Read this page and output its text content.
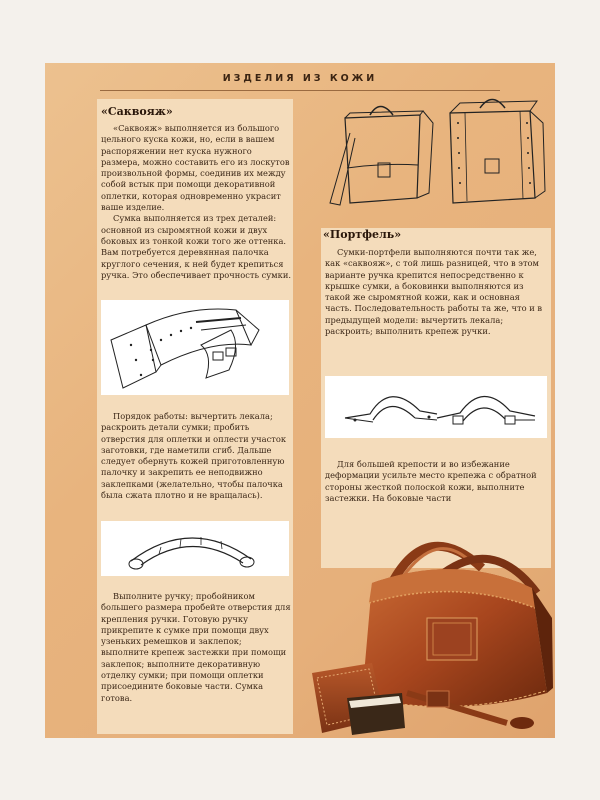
ИЗДЕЛИЯ ИЗ КОЖИ
«Саквояж»

«Саквояж» выполняется из большого цельного куска кожи, но, если в вашем распоряжении нет куска нужного размера, можно составить его из лоскутов произвольной формы, соединив их между собой встык при помощи декоративной оплетки, которая одновременно украсит ваше изделие.

Сумка выполняется из трех деталей: основной из сыромятной кожи и двух боковых из тонкой кожи того же оттенка. Вам потребуется деревянная палочка круглого сечения, к ней будет крепиться ручка. Это обеспечивает прочность сумки.

Порядок работы: вычертить лекала; раскроить детали сумки; пробить отверстия для оплетки и оплести участок заготовки, где наметили сгиб. Дальше следует обернуть кожей приготовленную палочку и закрепить ее неподвижно заклепками (желательно, чтобы палочка была сжата плотно и не вращалась).

Выполните ручку; пробойником большего размера пробейте отверстия для крепления ручки. Готовую ручку прикрепите к сумке при помощи двух узеньких ремешков и заклепок; выполните крепеж застежки при помощи заклепок; выполните декоративную отделку сумки; при помощи оплетки присоедините боковые части. Сумка готова.

«Портфель»

Сумки-портфели выполняются почти так же, как «саквояж», с той лишь разницей, что в этом варианте ручка крепится непосредственно к крышке сумки, а боковинки выполняются из такой же сыромятной кожи, как и основная часть. Последовательность работы та же, что и в предыдущей модели: вычертить лекала; раскроить; выполнить крепеж ручки.

Для большей крепости и во избежание деформации усильте место крепежа с обратной стороны жесткой полоской кожи, выполните застежки. На боковые части
